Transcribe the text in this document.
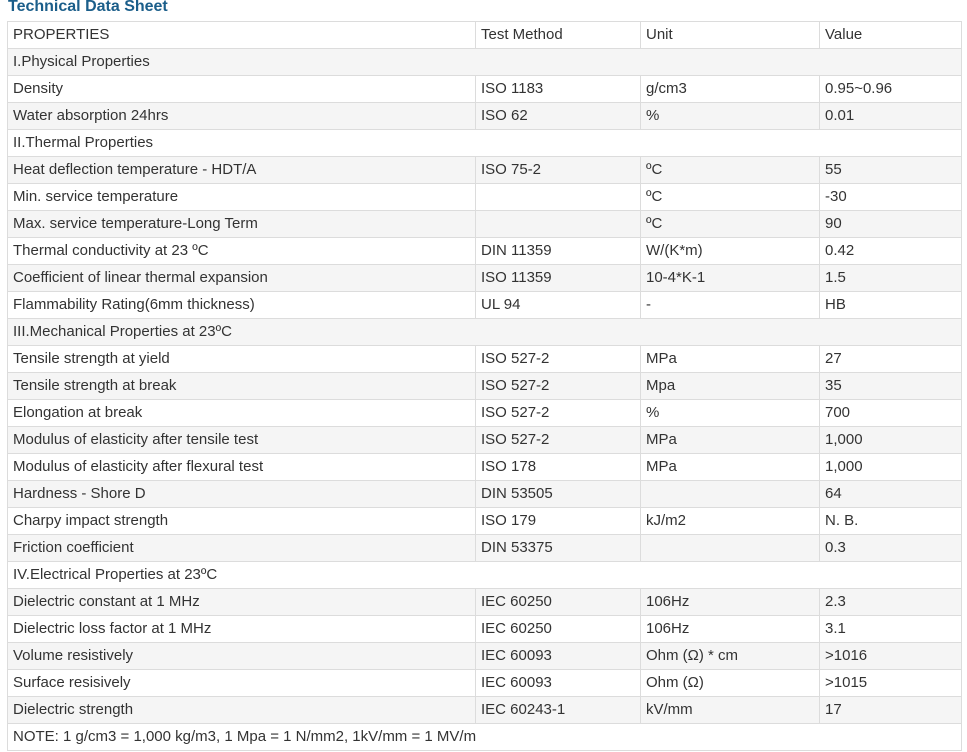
Technical Data Sheet
PROPERTIES	Test Method	Unit	Value
I.Physical Properties			
Density	ISO 1183	g/cm3	0.95~0.96
Water absorption 24hrs	ISO 62	%	0.01
II.Thermal Properties			
Heat deflection temperature - HDT/A	ISO 75-2	ºC	55
Min. service temperature		ºC	-30
Max. service temperature-Long Term		ºC	90
Thermal conductivity at 23 ºC	DIN 11359	W/(K*m)	0.42
Coefficient of linear thermal expansion	ISO 11359	10-4*K-1	1.5
Flammability Rating(6mm thickness)	UL 94	-	HB
III.Mechanical Properties at 23ºC			
Tensile strength at yield	ISO 527-2	MPa	27
Tensile strength at break	ISO 527-2	Mpa	35
Elongation at break	ISO 527-2	%	700
Modulus of elasticity after tensile test	ISO 527-2	MPa	1,000
Modulus of elasticity after flexural test	ISO 178	MPa	1,000
Hardness - Shore D	DIN 53505		64
Charpy impact strength	ISO 179	kJ/m2	N. B.
Friction coefficient	DIN 53375		0.3
IV.Electrical Properties at 23ºC			
Dielectric constant at 1 MHz	IEC 60250	106Hz	2.3
Dielectric loss factor at 1 MHz	IEC 60250	106Hz	3.1
Volume resistively	IEC 60093	Ohm (Ω) * cm	>1016
Surface resisively	IEC 60093	Ohm (Ω)	>1015
Dielectric strength	IEC 60243-1	kV/mm	17
NOTE: 1 g/cm3 = 1,000 kg/m3, 1 Mpa = 1 N/mm2, 1kV/mm = 1 MV/m			
